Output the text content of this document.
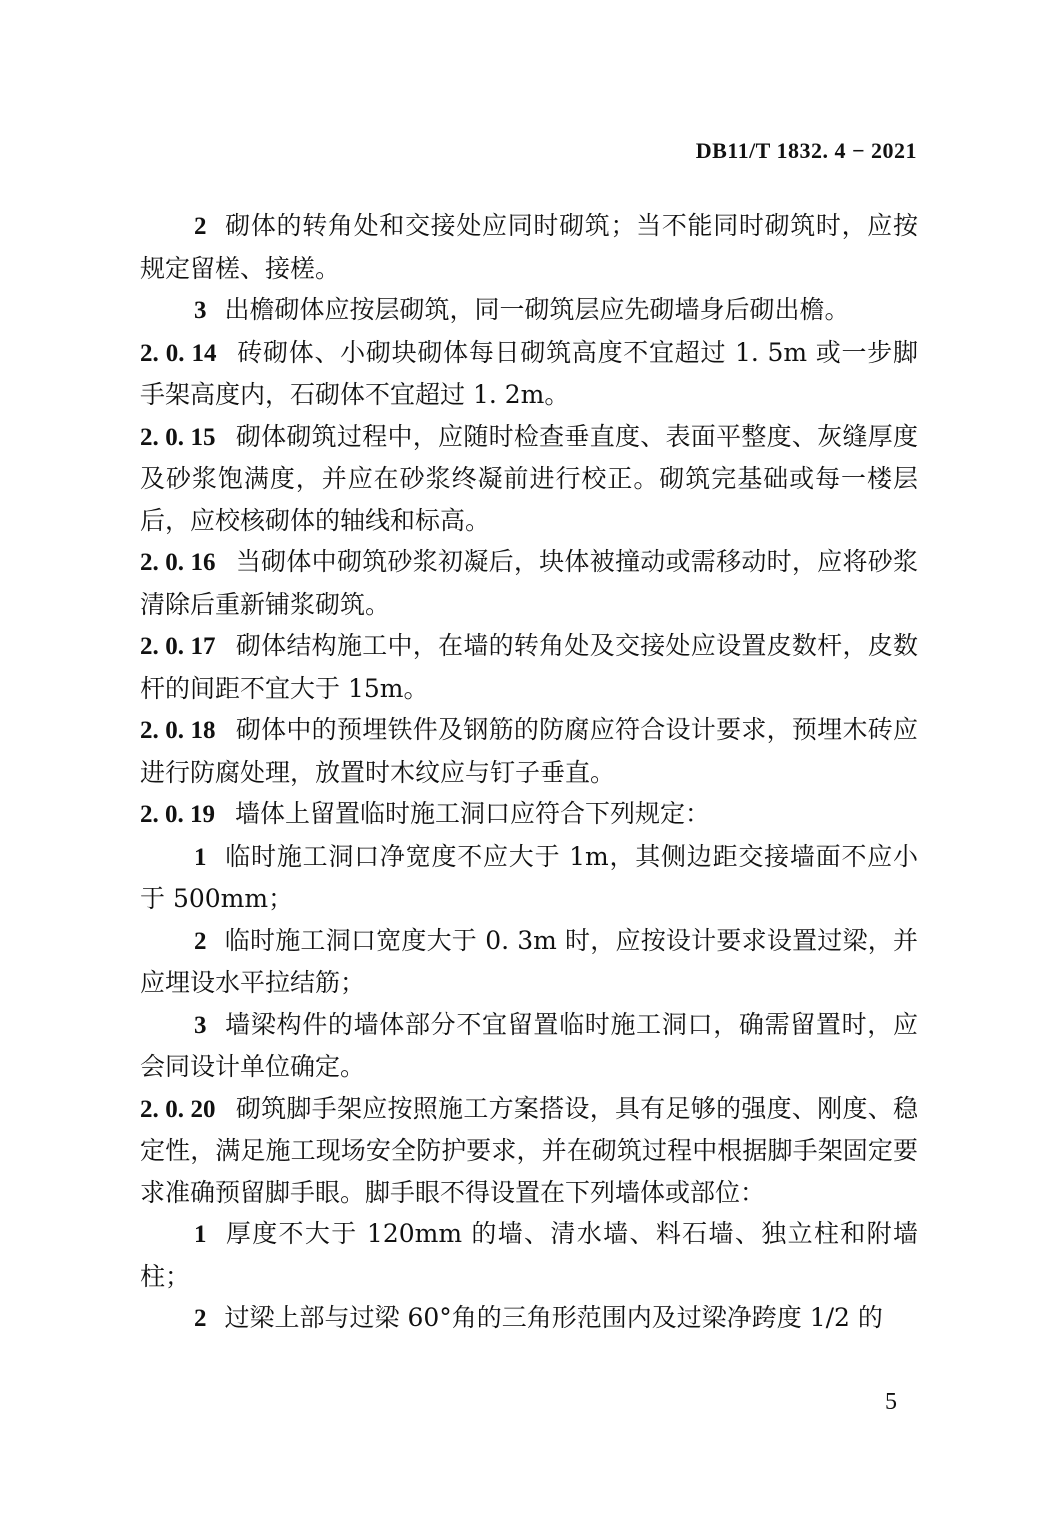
DB11/T 1832. 4 − 2021
2 砌体的转角处和交接处应同时砌筑；当不能同时砌筑时，应按规定留槎、接槎。
3 出檐砌体应按层砌筑，同一砌筑层应先砌墙身后砌出檐。
2. 0. 14 砖砌体、小砌块砌体每日砌筑高度不宜超过 1. 5m 或一步脚手架高度内，石砌体不宜超过 1. 2m。
2. 0. 15 砌体砌筑过程中，应随时检查垂直度、表面平整度、灰缝厚度及砂浆饱满度，并应在砂浆终凝前进行校正。砌筑完基础或每一楼层后，应校核砌体的轴线和标高。
2. 0. 16 当砌体中砌筑砂浆初凝后，块体被撞动或需移动时，应将砂浆清除后重新铺浆砌筑。
2. 0. 17 砌体结构施工中，在墙的转角处及交接处应设置皮数杆，皮数杆的间距不宜大于 15m。
2. 0. 18 砌体中的预埋铁件及钢筋的防腐应符合设计要求，预埋木砖应进行防腐处理，放置时木纹应与钉子垂直。
2. 0. 19 墙体上留置临时施工洞口应符合下列规定：
1 临时施工洞口净宽度不应大于 1m，其侧边距交接墙面不应小于 500mm；
2 临时施工洞口宽度大于 0. 3m 时，应按设计要求设置过梁，并应埋设水平拉结筋；
3 墙梁构件的墙体部分不宜留置临时施工洞口，确需留置时，应会同设计单位确定。
2. 0. 20 砌筑脚手架应按照施工方案搭设，具有足够的强度、刚度、稳定性，满足施工现场安全防护要求，并在砌筑过程中根据脚手架固定要求准确预留脚手眼。脚手眼不得设置在下列墙体或部位：
1 厚度不大于 120mm 的墙、清水墙、料石墙、独立柱和附墙柱；
2 过梁上部与过梁 60°角的三角形范围内及过梁净跨度 1/2 的
5
